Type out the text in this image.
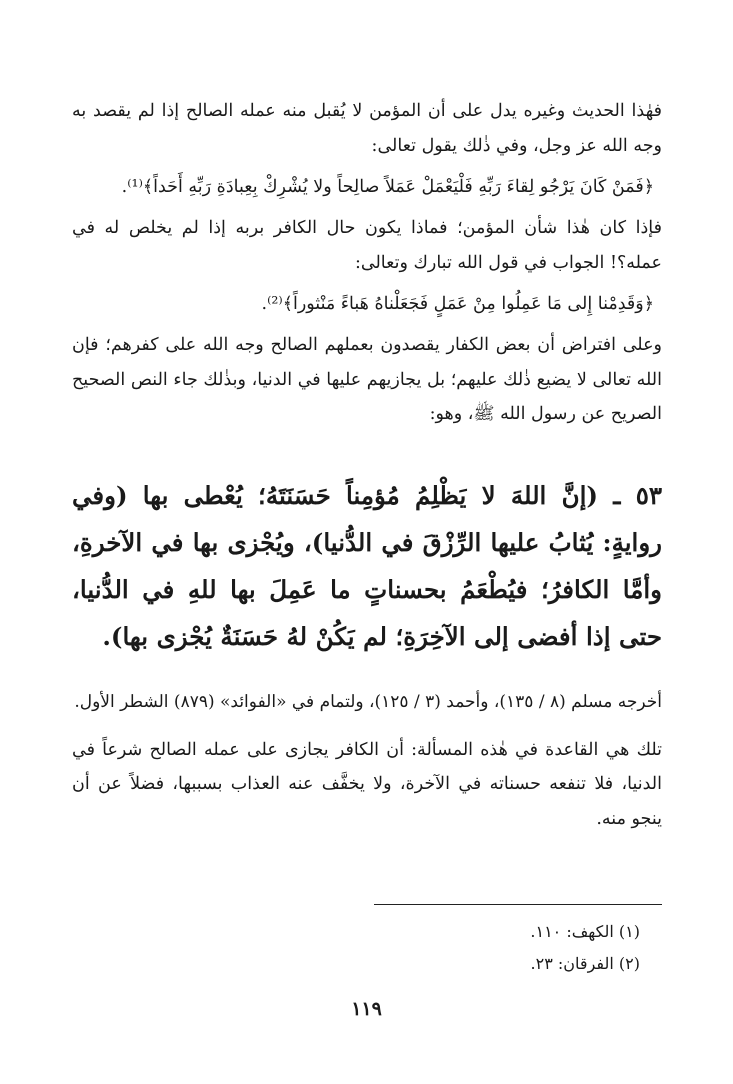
فهٰذا الحديث وغيره يدل على أن المؤمن لا يُقبل منه عمله الصالح إذا لم يقصد به وجه الله عز وجل، وفي ذٰلك يقول تعالى:

﴿فَمَنْ كَانَ يَرْجُو لِقاءَ رَبِّهِ فَلْيَعْمَلْ عَمَلاً صالِحاً ولا يُشْرِكْ بِعِبادَةِ رَبِّهِ أَحَداً﴾⁽¹⁾.

فإذا كان هٰذا شأن المؤمن؛ فماذا يكون حال الكافر بربه إذا لم يخلص له في عمله؟! الجواب في قول الله تبارك وتعالى:

﴿وَقَدِمْنا إِلى مَا عَمِلُوا مِنْ عَمَلٍ فَجَعَلْناهُ هَباءً مَنْثوراً﴾⁽²⁾.

وعلى افتراض أن بعض الكفار يقصدون بعملهم الصالح وجه الله على كفرهم؛ فإن الله تعالى لا يضيع ذٰلك عليهم؛ بل يجازيهم عليها في الدنيا، وبذٰلك جاء النص الصحيح الصريح عن رسول الله ﷺ، وهو:

٥٣ ـ (إنَّ اللهَ لا يَظْلِمُ مُؤمِناً حَسَنَتَهُ؛ يُعْطى بها (وفي روايةٍ: يُثابُ عليها الرِّزْقَ في الدُّنيا)، ويُجْزى بها في الآخرةِ، وأمَّا الكافرُ؛ فيُطْعَمُ بحسناتٍ ما عَمِلَ بها للهِ في الدُّنيا، حتى إذا أفضى إلى الآخِرَةِ؛ لم يَكُنْ لهُ حَسَنَةٌ يُجْزى بها).

أخرجه مسلم (٨ / ١٣٥)، وأحمد (٣ / ١٢٥)، ولتمام في «الفوائد» (٨٧٩) الشطر الأول.

تلك هي القاعدة في هٰذه المسألة: أن الكافر يجازى على عمله الصالح شرعاً في الدنيا، فلا تنفعه حسناته في الآخرة، ولا يخفَّف عنه العذاب بسببها، فضلاً عن أن ينجو منه.

(١) الكهف: ١١٠.

(٢) الفرقان: ٢٣.

١١٩
